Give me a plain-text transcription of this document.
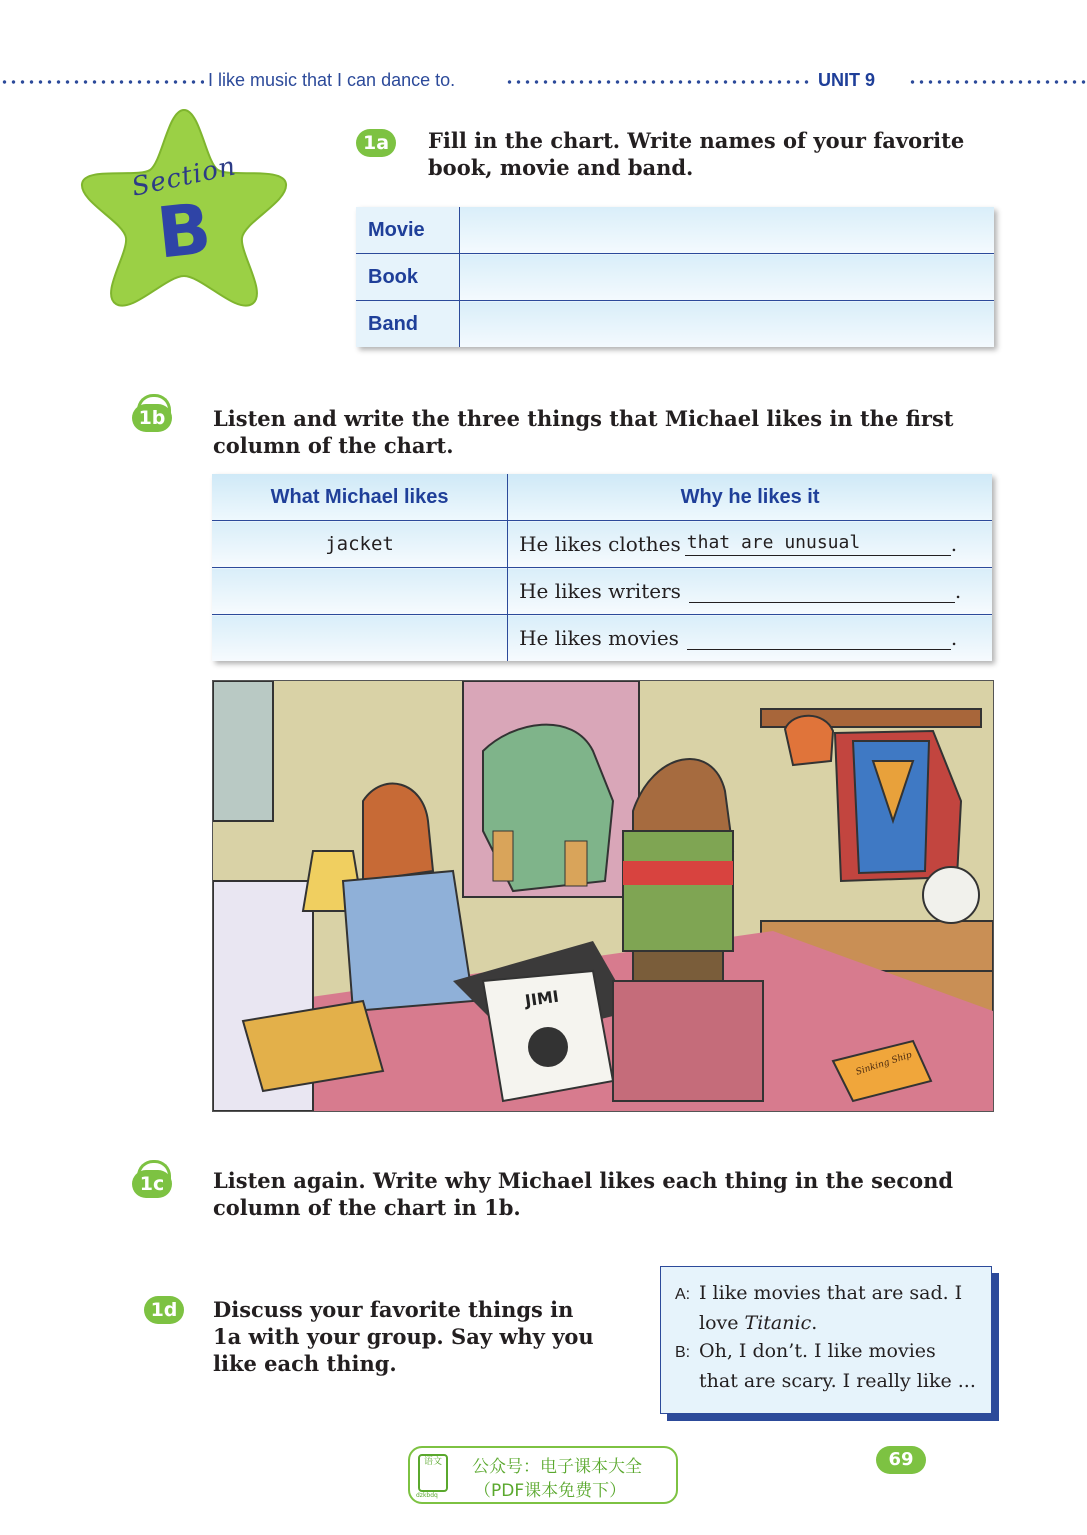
I like music that I can dance to.	UNIT 9
Section
B
1a	Fill in the chart. Write names of your favorite book, movie and band.
Movie	
Book	
Band	
1b	Listen and write the three things that Michael likes in the first column of the chart.
What Michael likes	Why he likes it
jacket	He likes clothes that are unusual .
	He likes writers .
	He likes movies .
JIMI
Sinking Ship
1c	Listen again. Write why Michael likes each thing in the second column of the chart in 1b.
1d	Discuss your favorite things in 1a with your group. Say why you like each thing.
A: I like movies that are sad. I
love Titanic.
B: Oh, I don’t. I like movies
that are scary. I really like ...
语文
dzkbdq
公众号：电子课本大全
（PDF课本免费下）
69
